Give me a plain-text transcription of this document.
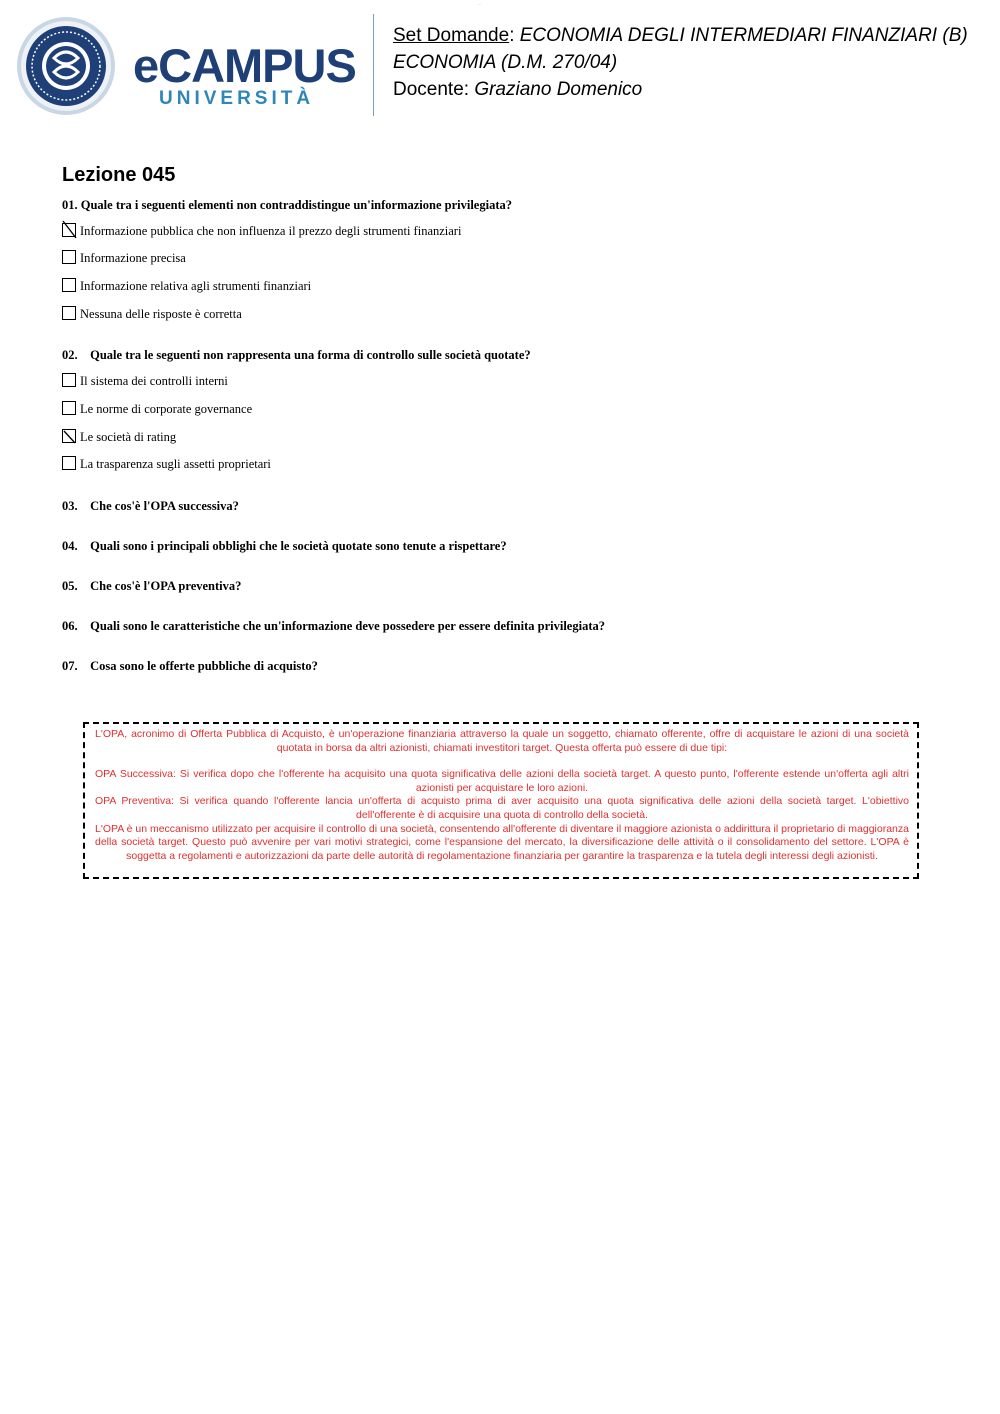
...
eCAMPUS
UNIVERSITÀ
Set Domande: ECONOMIA DEGLI INTERMEDIARI FINANZIARI (B)
ECONOMIA (D.M. 270/04)
Docente: Graziano Domenico
Lezione 045
01. Quale tra i seguenti elementi non contraddistingue un'informazione privilegiata?
Informazione pubblica che non influenza il prezzo degli strumenti finanziari
Informazione precisa
Informazione relativa agli strumenti finanziari
Nessuna delle risposte è corretta
02. Quale tra le seguenti non rappresenta una forma di controllo sulle società quotate?
Il sistema dei controlli interni
Le norme di corporate governance
Le società di rating
La trasparenza sugli assetti proprietari
03. Che cos'è l'OPA successiva?
04. Quali sono i principali obblighi che le società quotate sono tenute a rispettare?
05. Che cos'è l'OPA preventiva?
06. Quali sono le caratteristiche che un'informazione deve possedere per essere definita privilegiata?
07. Cosa sono le offerte pubbliche di acquisto?

L'OPA, acronimo di Offerta Pubblica di Acquisto, è un'operazione finanziaria attraverso la quale un soggetto, chiamato offerente, offre di acquistare le azioni di una società quotata in borsa da altri azionisti, chiamati investitori target. Questa offerta può essere di due tipi:

OPA Successiva: Si verifica dopo che l'offerente ha acquisito una quota significativa delle azioni della società target. A questo punto, l'offerente estende un'offerta agli altri azionisti per acquistare le loro azioni.

OPA Preventiva: Si verifica quando l'offerente lancia un'offerta di acquisto prima di aver acquisito una quota significativa delle azioni della società target. L'obiettivo dell'offerente è di acquisire una quota di controllo della società.

L'OPA è un meccanismo utilizzato per acquisire il controllo di una società, consentendo all'offerente di diventare il maggiore azionista o addirittura il proprietario di maggioranza della società target. Questo può avvenire per vari motivi strategici, come l'espansione del mercato, la diversificazione delle attività o il consolidamento del settore. L'OPA è soggetta a regolamenti e autorizzazioni da parte delle autorità di regolamentazione finanziaria per garantire la trasparenza e la tutela degli interessi degli azionisti.
